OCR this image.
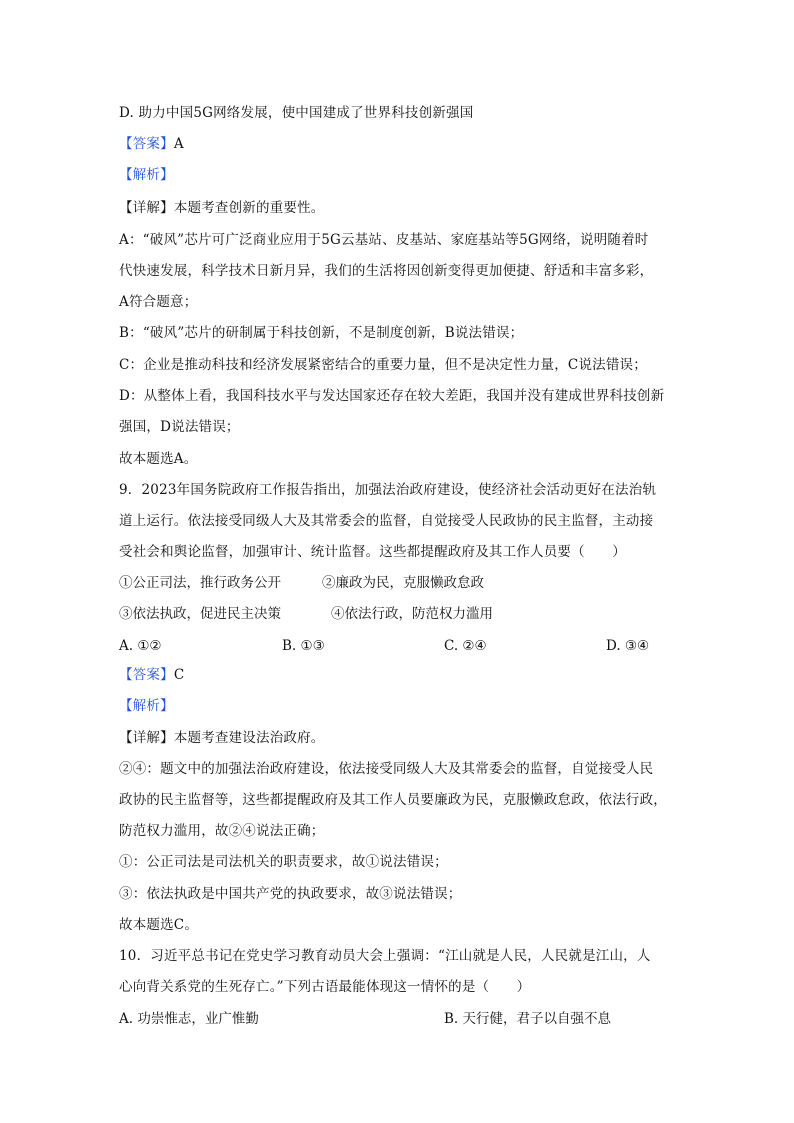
D. 助力中国5G网络发展，使中国建成了世界科技创新强国
【答案】A
【解析】
【详解】本题考查创新的重要性。
A：“破风”芯片可广泛商业应用于5G云基站、皮基站、家庭基站等5G网络，说明随着时
代快速发展，科学技术日新月异，我们的生活将因创新变得更加便捷、舒适和丰富多彩，
A符合题意；
B：“破风”芯片的研制属于科技创新，不是制度创新，B说法错误；
C：企业是推动科技和经济发展紧密结合的重要力量，但不是决定性力量，C说法错误；
D：从整体上看，我国科技水平与发达国家还存在较大差距，我国并没有建成世界科技创新
强国，D说法错误；
故本题选A。
9．2023年国务院政府工作报告指出，加强法治政府建设，使经济社会活动更好在法治轨
道上运行。依法接受同级人大及其常委会的监督，自觉接受人民政协的民主监督，主动接
受社会和舆论监督，加强审计、统计监督。这些都提醒政府及其工作人员要（　　）
①公正司法，推行政务公开	②廉政为民，克服懒政怠政
③依法执政，促进民主决策	④依法行政，防范权力滥用
A. ①②	B. ①③	C. ②④	D. ③④
【答案】C
【解析】
【详解】本题考查建设法治政府。
②④：题文中的加强法治政府建设，依法接受同级人大及其常委会的监督，自觉接受人民
政协的民主监督等，这些都提醒政府及其工作人员要廉政为民，克服懒政怠政，依法行政，
防范权力滥用，故②④说法正确；
①：公正司法是司法机关的职责要求，故①说法错误；
③：依法执政是中国共产党的执政要求，故③说法错误；
故本题选C。
10．习近平总书记在党史学习教育动员大会上强调：“江山就是人民，人民就是江山，人
心向背关系党的生死存亡。”下列古语最能体现这一情怀的是（　　）
A. 功崇惟志，业广惟勤	B. 天行健，君子以自强不息
